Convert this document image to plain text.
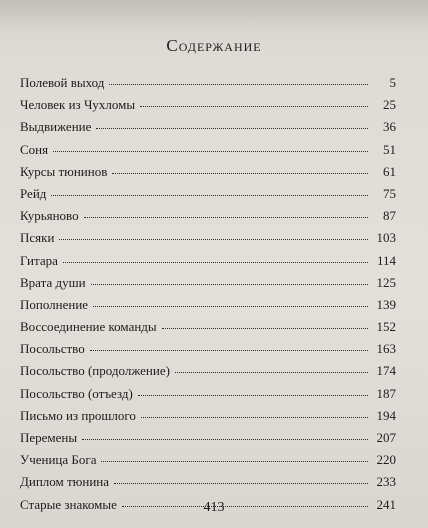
Содержание
Полевой выход	5
Человек из Чухломы	25
Выдвижение	36
Соня	51
Курсы тюнинов	61
Рейд	75
Курьяново	87
Псяки	103
Гитара	114
Врата души	125
Пополнение	139
Воссоединение команды	152
Посольство	163
Посольство (продолжение)	174
Посольство (отъезд)	187
Письмо из прошлого	194
Перемены	207
Ученица Бога	220
Диплом тюнина	233
Старые знакомые	241
413
